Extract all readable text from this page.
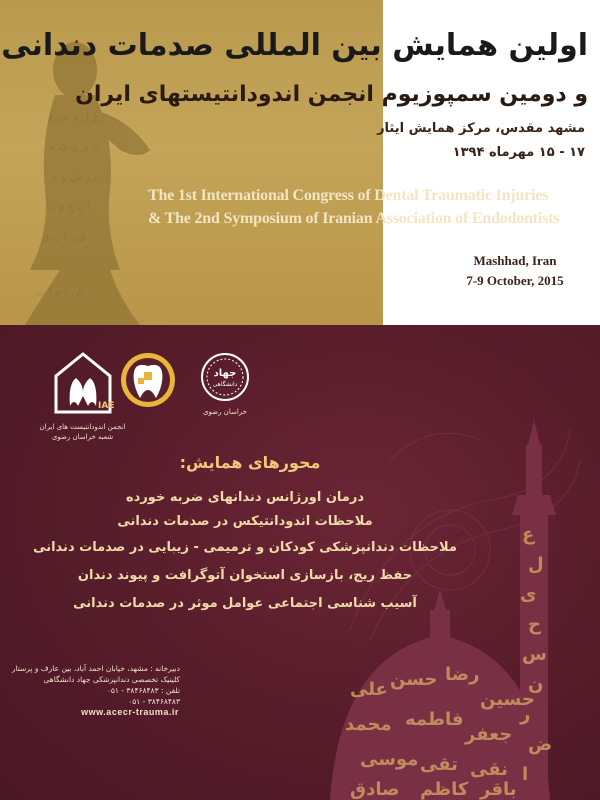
ح ل م س ع
ب ی ن ک ه
د ر ش و م
ا ن ج م ن
ی ر ا ن ی
ص د م ا ت
اولین همایش بین المللی صدمات دندانی
و دومین سمپوزیوم انجمن اندودانتیستهای ایران
مشهد مقدس، مرکز همایش ایثار
۱۷ - ۱۵ مهرماه ۱۳۹۴
The 1st International Congress of Dental Traumatic Injuries
& The 2nd Symposium of Iranian Association of Endodontists
Mashhad, Iran
7-9 October, 2015
ع
ل
ی
ح
س
ن
ر
ض
ا
علی حسن رضا
حسین
محمد فاطمه
جعفر
موسی تقی نقی
صادق کاظم باقر
IAE
انجمن اندودانتیست های ایران
شعبه خراسان رضوی
جهاد
دانشگاهی
خراسان رضوی
محورهای همایش:
درمان اورژانس دندانهای ضربه خورده
ملاحظات اندودانتیکس در صدمات دندانی
ملاحظات دندانپزشکی کودکان و ترمیمی - زیبایی در صدمات دندانی
حفظ ریج، بازسازی استخوان آتوگرافت و پیوند دندان
آسیب شناسی اجتماعی عوامل موثر در صدمات دندانی
دبیرخانه : مشهد، خیابان احمد آباد، بین عارف و پرستار
کلینیک تخصصی دندانپزشکی جهاد دانشگاهی
تلفن : ۳۸۴۶۸۴۸۳ - ۰۵۱
۰۵۱ - ۳۸۴۶۸۴۸۳
www.acecr-trauma.ir
